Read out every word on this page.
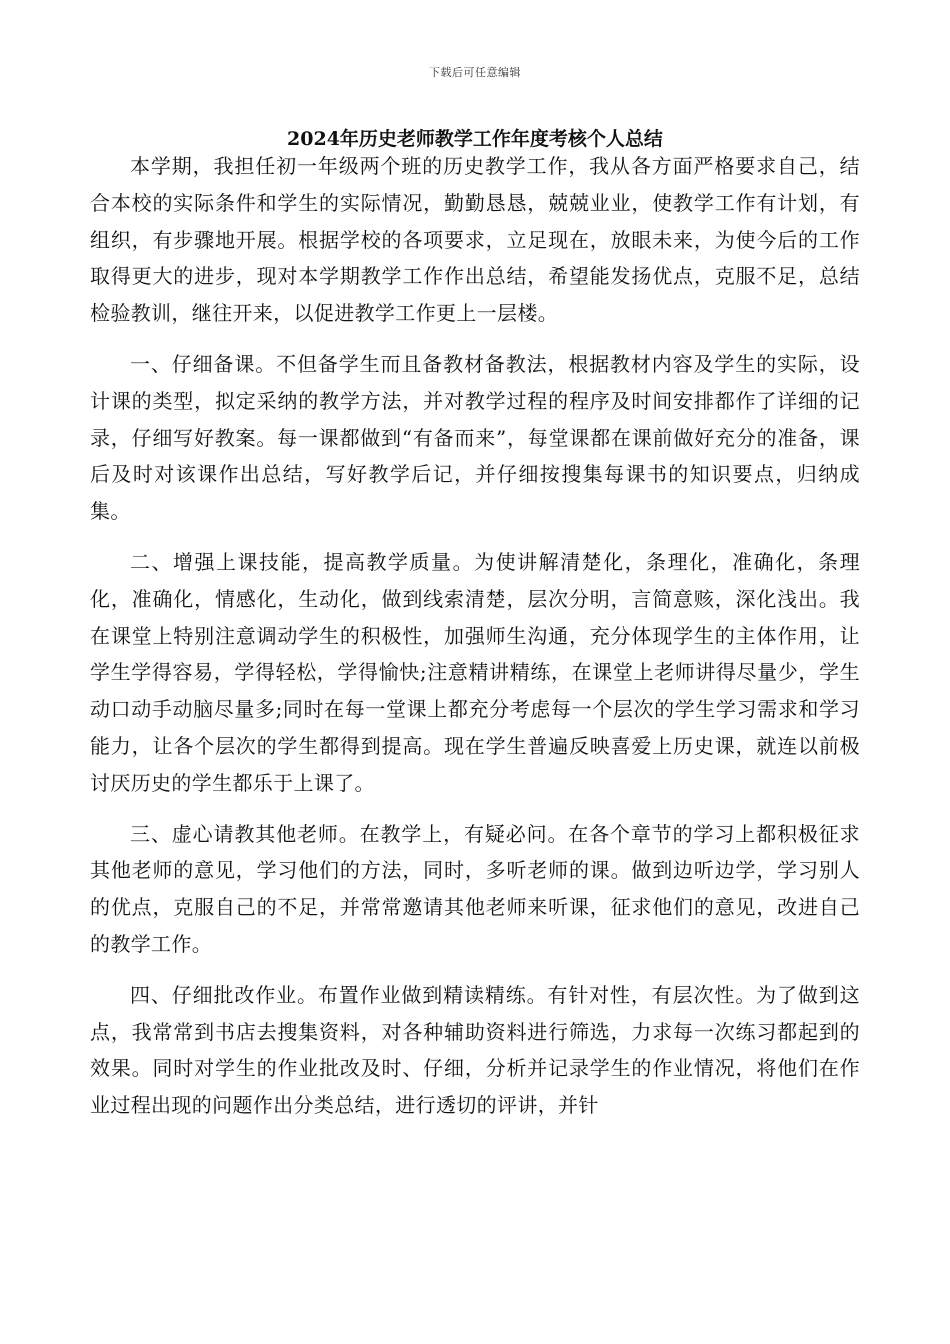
下载后可任意编辑
2024年历史老师教学工作年度考核个人总结

本学期，我担任初一年级两个班的历史教学工作，我从各方面严格要求自己，结合本校的实际条件和学生的实际情况，勤勤恳恳，兢兢业业，使教学工作有计划，有组织，有步骤地开展。根据学校的各项要求，立足现在，放眼未来，为使今后的工作取得更大的进步，现对本学期教学工作作出总结，希望能发扬优点，克服不足，总结检验教训，继往开来，以促进教学工作更上一层楼。

一、仔细备课。不但备学生而且备教材备教法，根据教材内容及学生的实际，设计课的类型，拟定采纳的教学方法，并对教学过程的程序及时间安排都作了详细的记录，仔细写好教案。每一课都做到“有备而来”，每堂课都在课前做好充分的准备，课后及时对该课作出总结，写好教学后记，并仔细按搜集每课书的知识要点，归纳成集。

二、增强上课技能，提高教学质量。为使讲解清楚化，条理化，准确化，条理化，准确化，情感化，生动化，做到线索清楚，层次分明，言简意赅，深化浅出。我在课堂上特别注意调动学生的积极性，加强师生沟通，充分体现学生的主体作用，让学生学得容易，学得轻松，学得愉快;注意精讲精练，在课堂上老师讲得尽量少，学生动口动手动脑尽量多;同时在每一堂课上都充分考虑每一个层次的学生学习需求和学习能力，让各个层次的学生都得到提高。现在学生普遍反映喜爱上历史课，就连以前极讨厌历史的学生都乐于上课了。

三、虚心请教其他老师。在教学上，有疑必问。在各个章节的学习上都积极征求其他老师的意见，学习他们的方法，同时，多听老师的课。做到边听边学，学习别人的优点，克服自己的不足，并常常邀请其他老师来听课，征求他们的意见，改进自己的教学工作。

四、仔细批改作业。布置作业做到精读精练。有针对性，有层次性。为了做到这点，我常常到书店去搜集资料，对各种辅助资料进行筛选，力求每一次练习都起到的效果。同时对学生的作业批改及时、仔细，分析并记录学生的作业情况，将他们在作业过程出现的问题作出分类总结，进行透切的评讲，并针
